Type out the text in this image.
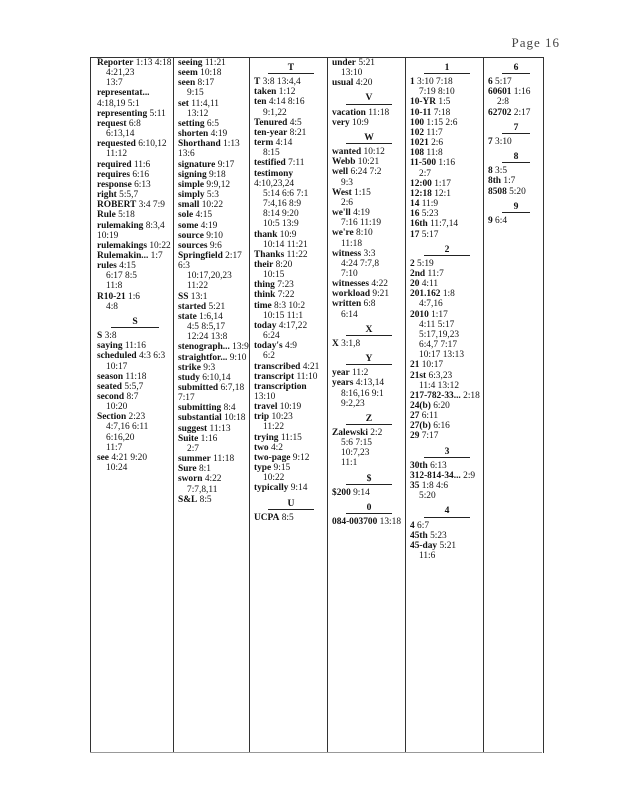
Page 16
Reporter 1:13 4:18
4:21,23
13:7
representat... 4:18,19 5:1
representing 5:11
request 6:8
6:13,14
requested 6:10,12
11:12
required 11:6
requires 6:16
response 6:13
right 5:5,7
ROBERT 3:4 7:9
Rule 5:18
rulemaking 8:3,4 10:19
rulemakings 10:22
Rulemakin... 1:7
rules 4:15
6:17 8:5
11:8
R10-21 1:6
4:8
S
S 3:8
saying 11:16
scheduled 4:3 6:3
10:17
season 11:18
seated 5:5,7
second 8:7
10:20
Section 2:23
4:7,16 6:11
6:16,20
11:7
see 4:21 9:20
10:24
seeing 11:21
seem 10:18
seen 8:17
9:15
set 11:4,11
13:12
setting 6:5
shorten 4:19
Shorthand 1:13 13:6
signature 9:17
signing 9:18
simple 9:9,12
simply 5:3
small 10:22
sole 4:15
some 4:19
source 9:10
sources 9:6
Springfield 2:17 6:3
10:17,20,23
11:22
SS 13:1
started 5:21
state 1:6,14
4:5 8:5,17
12:24 13:8
stenograph... 13:9
straightfor... 9:10
strike 9:3
study 6:10,14
submitted 6:7,18 7:17
submitting 8:4
substantial 10:18
suggest 11:13
Suite 1:16
2:7
summer 11:18
Sure 8:1
sworn 4:22
7:7,8,11
S&L 8:5
T
T 3:8 13:4,4
taken 1:12
ten 4:14 8:16
9:1,22
Tenured 4:5
ten-year 8:21
term 4:14
8:15
testified 7:11
testimony 4:10,23,24
5:14 6:6 7:1
7:4,16 8:9
8:14 9:20
10:5 13:9
thank 10:9
10:14 11:21
Thanks 11:22
their 8:20
10:15
thing 7:23
think 7:22
time 8:3 10:2
10:15 11:1
today 4:17,22
6:24
today's 4:9
6:2
transcribed 4:21
transcript 11:10
transcription 13:10
travel 10:19
trip 10:23
11:22
trying 11:15
two 4:2
two-page 9:12
type 9:15
10:22
typically 9:14
U
UCPA 8:5
under 5:21
13:10
usual 4:20
V
vacation 11:18
very 10:9
W
wanted 10:12
Webb 10:21
well 6:24 7:2
9:3
West 1:15
2:6
we'll 4:19
7:16 11:19
we're 8:10
11:18
witness 3:3
4:24 7:7,8
7:10
witnesses 4:22
workload 9:21
written 6:8
6:14
X
X 3:1,8
Y
year 11:2
years 4:13,14
8:16,16 9:1
9:2,23
Z
Zalewski 2:2
5:6 7:15
10:7,23
11:1
$
$200 9:14
0
084-003700 13:18
1
1 3:10 7:18
7:19 8:10
10-YR 1:5
10-11 7:18
100 1:15 2:6
102 11:7
1021 2:6
108 11:8
11-500 1:16
2:7
12:00 1:17
12:18 12:1
14 11:9
16 5:23
16th 11:7,14
17 5:17
2
2 5:19
2nd 11:7
20 4:11
201.162 1:8
4:7,16
2010 1:17
4:11 5:17
5:17,19,23
6:4,7 7:17
10:17 13:13
21 10:17
21st 6:3,23
11:4 13:12
217-782-33... 2:18
24(b) 6:20
27 6:11
27(b) 6:16
29 7:17
3
30th 6:13
312-814-34... 2:9
35 1:8 4:6
5:20
4
4 6:7
45th 5:23
45-day 5:21
11:6
6
6 5:17
60601 1:16
2:8
62702 2:17
7
7 3:10
8
8 3:5
8th 1:7
8508 5:20
9
9 6:4
